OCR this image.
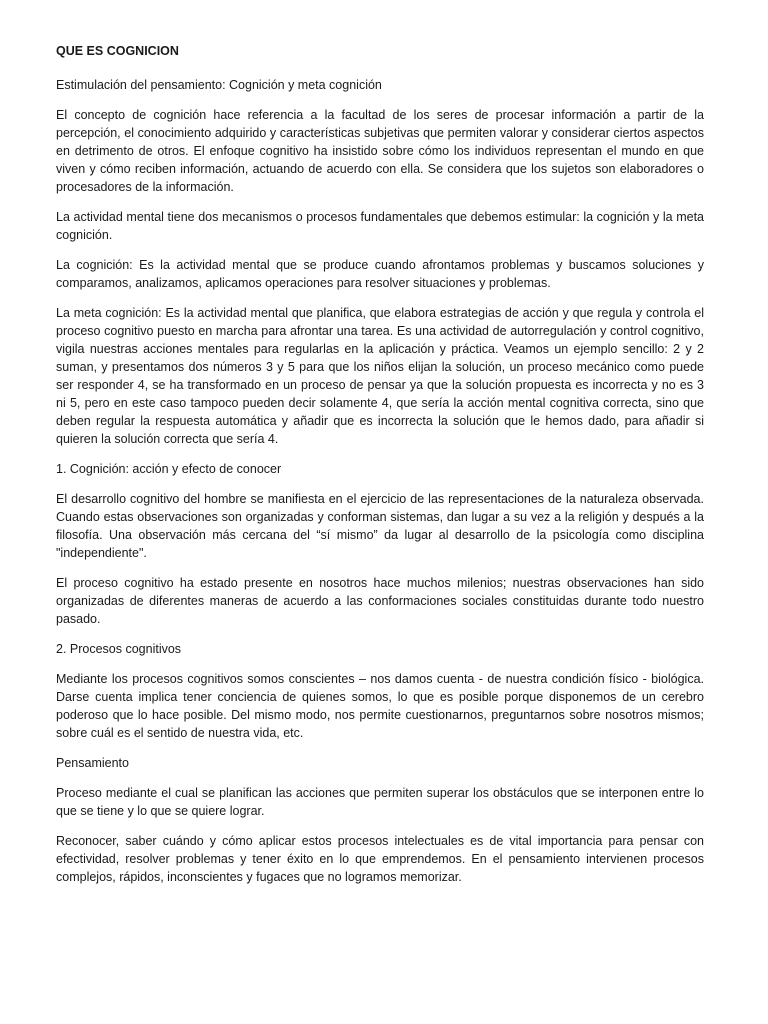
QUE ES COGNICION

Estimulación del pensamiento: Cognición y meta cognición

El concepto de cognición hace referencia a la facultad de los seres de procesar información a partir de la percepción, el conocimiento adquirido y características subjetivas que permiten valorar y considerar ciertos aspectos en detrimento de otros. El enfoque cognitivo ha insistido sobre cómo los individuos representan el mundo en que viven y cómo reciben información, actuando de acuerdo con ella. Se considera que los sujetos son elaboradores o procesadores de la información.

La actividad mental tiene dos mecanismos o procesos fundamentales que debemos estimular: la cognición y la meta cognición.

La cognición: Es la actividad mental que se produce cuando afrontamos problemas y buscamos soluciones y comparamos, analizamos, aplicamos operaciones para resolver situaciones y problemas.

La meta cognición: Es la actividad mental que planifica, que elabora estrategias de acción y que regula y controla el proceso cognitivo puesto en marcha para afrontar una tarea. Es una actividad de autorregulación y control cognitivo, vigila nuestras acciones mentales para regularlas en la aplicación y práctica. Veamos un ejemplo sencillo: 2 y 2 suman, y presentamos dos números 3 y 5 para que los niños elijan la solución, un proceso mecánico como puede ser responder 4, se ha transformado en un proceso de pensar ya que la solución propuesta es incorrecta y no es 3 ni 5, pero en este caso tampoco pueden decir solamente 4, que sería la acción mental cognitiva correcta, sino que deben regular la respuesta automática y añadir que es incorrecta la solución que le hemos dado, para añadir si quieren la solución correcta que sería 4.

1. Cognición: acción y efecto de conocer

El desarrollo cognitivo del hombre se manifiesta en el ejercicio de las representaciones de la naturaleza observada. Cuando estas observaciones son organizadas y conforman sistemas, dan lugar a su vez a la religión y después a la filosofía. Una observación más cercana del “sí mismo” da lugar al desarrollo de la psicología como disciplina "independiente".

El proceso cognitivo ha estado presente en nosotros hace muchos milenios; nuestras observaciones han sido organizadas de diferentes maneras de acuerdo a las conformaciones sociales constituidas durante todo nuestro pasado.

2. Procesos cognitivos

Mediante los procesos cognitivos somos conscientes – nos damos cuenta - de nuestra condición físico - biológica. Darse cuenta implica tener conciencia de quienes somos, lo que es posible porque disponemos de un cerebro poderoso que lo hace posible. Del mismo modo, nos permite cuestionarnos, preguntarnos sobre nosotros mismos; sobre cuál es el sentido de nuestra vida, etc.

Pensamiento

Proceso mediante el cual se planifican las acciones que permiten superar los obstáculos que se interponen entre lo que se tiene y lo que se quiere lograr.

Reconocer, saber cuándo y cómo aplicar estos procesos intelectuales es de vital importancia para pensar con efectividad, resolver problemas y tener éxito en lo que emprendemos. En el pensamiento intervienen procesos complejos, rápidos, inconscientes y fugaces que no logramos memorizar.
